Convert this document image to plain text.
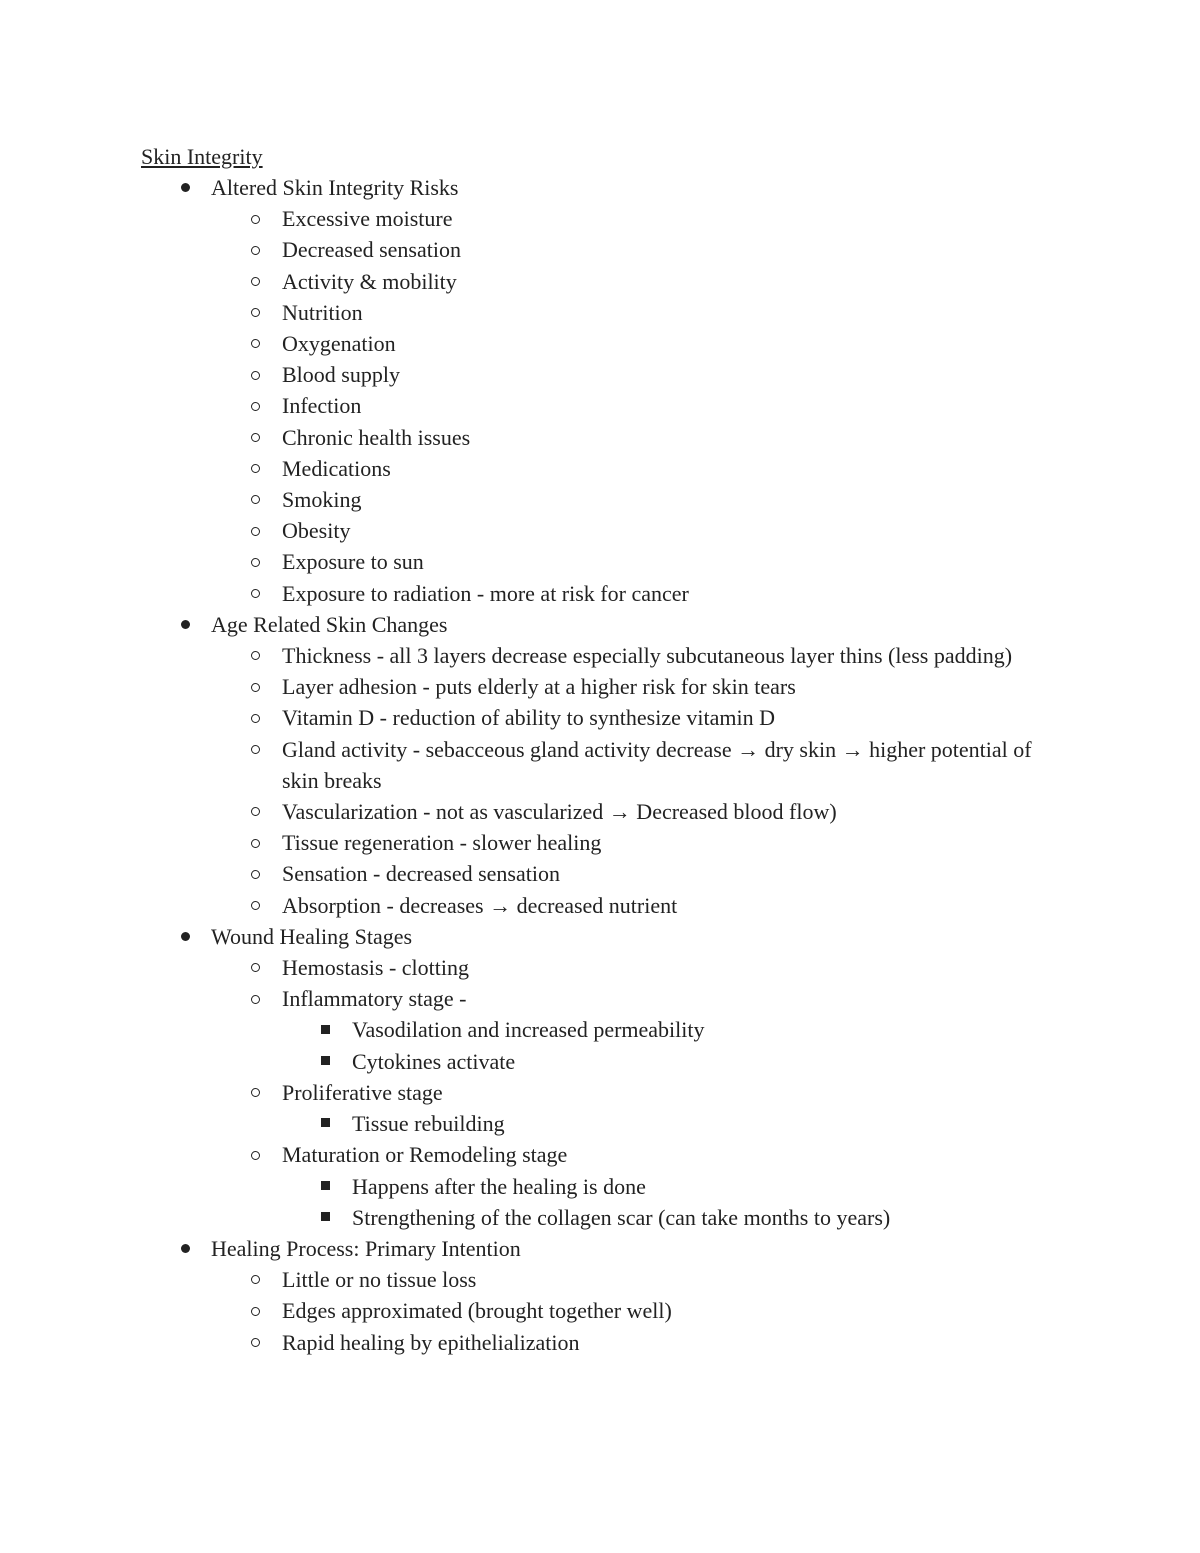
Skin Integrity
Altered Skin Integrity Risks
Excessive moisture
Decreased sensation
Activity & mobility
Nutrition
Oxygenation
Blood supply
Infection
Chronic health issues
Medications
Smoking
Obesity
Exposure to sun
Exposure to radiation - more at risk for cancer
Age Related Skin Changes
Thickness - all 3 layers decrease especially subcutaneous layer thins (less padding)
Layer adhesion - puts elderly at a higher risk for skin tears
Vitamin D - reduction of ability to synthesize vitamin D
Gland activity - sebacceous gland activity decrease → dry skin → higher potential of skin breaks
Vascularization - not as vascularized → Decreased blood flow)
Tissue regeneration - slower healing
Sensation - decreased sensation
Absorption - decreases → decreased nutrient
Wound Healing Stages
Hemostasis - clotting
Inflammatory stage -
Vasodilation and increased permeability
Cytokines activate
Proliferative stage
Tissue rebuilding
Maturation or Remodeling stage
Happens after the healing is done
Strengthening of the collagen scar (can take months to years)
Healing Process: Primary Intention
Little or no tissue loss
Edges approximated (brought together well)
Rapid healing by epithelialization
